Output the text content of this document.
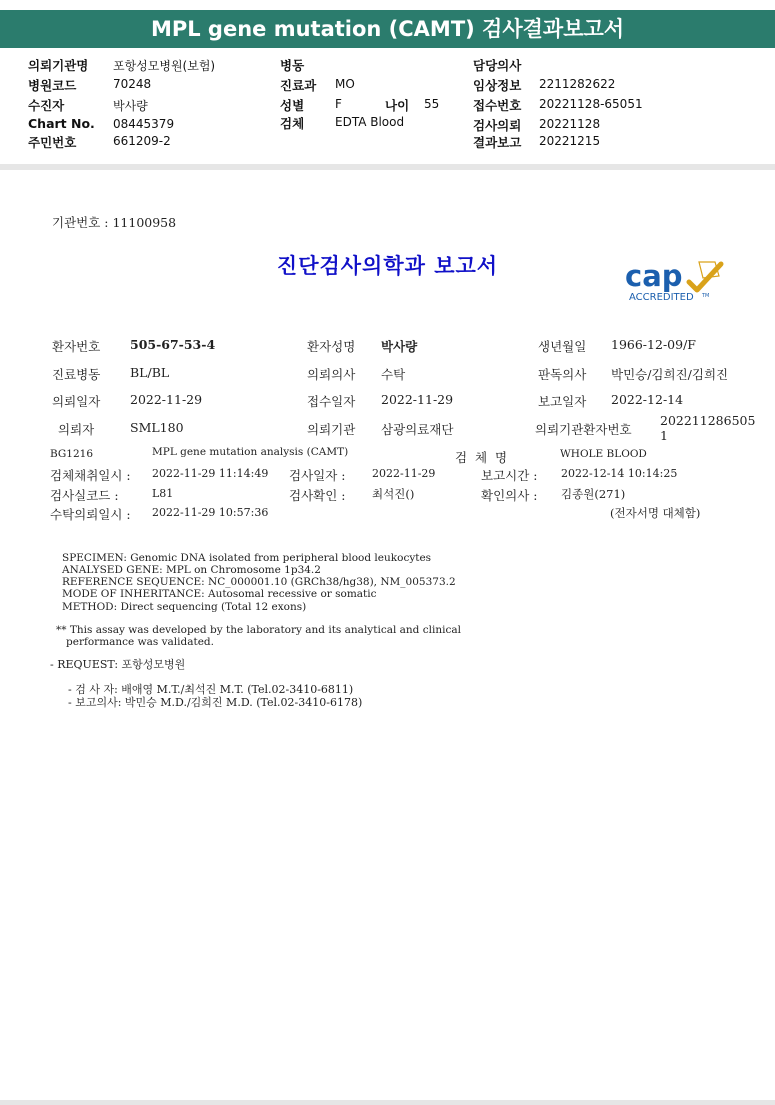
MPL gene mutation (CAMT) 검사결과보고서
의뢰기관명 포항성모병원(보험)	병동	담당의사
병원코드	70248	진료과 MO	임상정보 2211282622
수진자	박사량	성별	F	나이 55	접수번호 20221128-65051
Chart No. 08445379	검체	EDTA Blood	검사의뢰 20221128
주민번호	661209-2	결과보고 20221215
기관번호 : 11100958
진단검사의학과 보고서	cap
ACCREDITED TM
환자번호 505-67-53-4	환자성명 박사량	생년월일 1966-12-09/F
진료병동 BL/BL	의뢰의사 수탁	판독의사 박민승/김희진/김희진
의뢰일자 2022-11-29	접수일자 2022-11-29	보고일자 2022-12-14
의뢰자	SML180	의뢰기관 삼광의료재단	의뢰기관환자번호
202211286505
1
BG1216	MPL gene mutation analysis (CAMT)	검  체  명	WHOLE BLOOD
검체채취일시 : 2022-11-29 11:14:49 검사일자 : 2022-11-29	보고시간 : 2022-12-14 10:14:25
검사실코드 :	L81	검사확인 : 최석진()	확인의사 : 김종원(271)
수탁의뢰일시 : 2022-11-29 10:57:36	(전자서명 대체함)
SPECIMEN: Genomic DNA isolated from peripheral blood leukocytes
ANALYSED GENE: MPL on Chromosome 1p34.2
REFERENCE SEQUENCE: NC_000001.10 (GRCh38/hg38), NM_005373.2
MODE OF INHERITANCE: Autosomal recessive or somatic
METHOD: Direct sequencing (Total 12 exons)
** This assay was developed by the laboratory and its analytical and clinical
performance was validated.
- REQUEST: 포항성모병원
- 검 사 자: 배애영 M.T./최석진 M.T. (Tel.02-3410-6811)
- 보고의사: 박민승 M.D./김희진 M.D. (Tel.02-3410-6178)
